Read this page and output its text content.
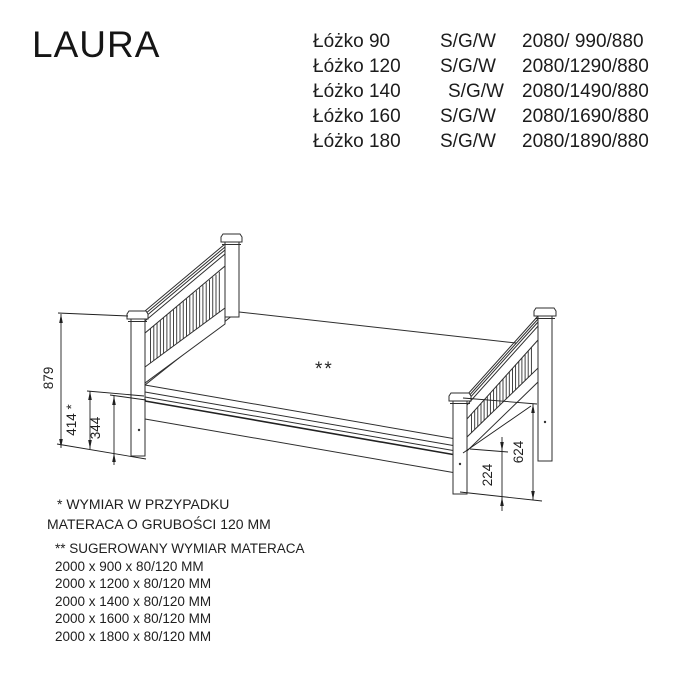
LAURA	Łóżko 90	S/G/W 2080/ 990/880
Łóżko 120 S/G/W 2080/1290/880
Łóżko 140 S/G/W 2080/1490/880
Łóżko 160 S/G/W 2080/1690/880
Łóżko 180 S/G/W 2080/1890/880
879
414 * 344
624
224
**
* WYMIAR W PRZYPADKU
MATERACA O GRUBOŚCI 120 MM
** SUGEROWANY WYMIAR MATERACA
2000 x 900 x 80/120 MM
2000 x 1200 x 80/120 MM
2000 x 1400 x 80/120 MM
2000 x 1600 x 80/120 MM
2000 x 1800 x 80/120 MM
